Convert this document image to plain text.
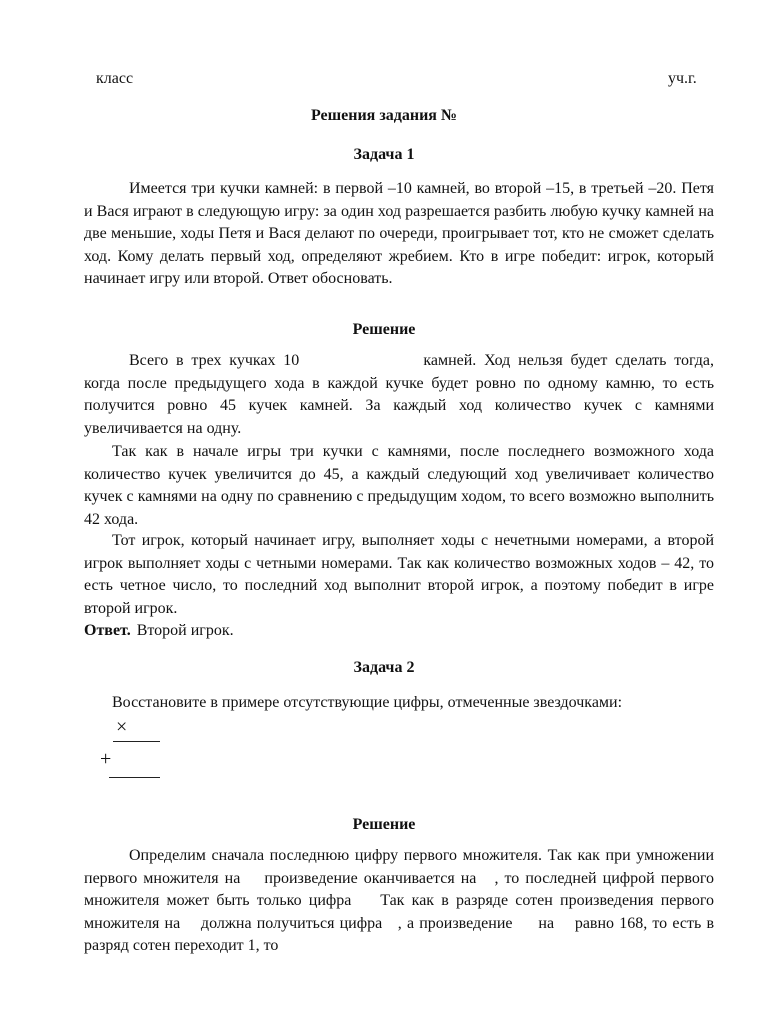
класс	уч.г.
Решения задания №
Задача 1
Имеется три кучки камней: в первой –10 камней, во второй –15, в третьей –20. Петя и Вася играют в следующую игру: за один ход разрешается разбить любую кучку камней на две меньшие, ходы Петя и Вася делают по очереди, проигрывает тот, кто не сможет сделать ход. Кому делать первый ход, определяют жребием. Кто в игре победит: игрок, который начинает игру или второй. Ответ обосновать.
Решение
Всего в трех кучках 10	камней. Ход нельзя будет сделать тогда, когда после предыдущего хода в каждой кучке будет ровно по одному камню, то есть получится ровно 45 кучек камней. За каждый ход количество кучек с камнями увеличивается на одну.
Так как в начале игры три кучки с камнями, после последнего возможного хода количество кучек увеличится до 45, а каждый следующий ход увеличивает количество кучек с камнями на одну по сравнению с предыдущим ходом, то всего возможно выполнить 42 хода.
Тот игрок, который начинает игру, выполняет ходы с нечетными номерами, а второй игрок выполняет ходы с четными номерами. Так как количество возможных ходов – 42, то есть четное число, то последний ход выполнит второй игрок, а поэтому победит в игре второй игрок.
Ответ. Второй игрок.
Задача 2
Восстановите в примере отсутствующие цифры, отмеченные звездочками:
×
+
Решение
Определим сначала последнюю цифру первого множителя. Так как при умножении первого множителя на    произведение оканчивается на   , то последней цифрой первого множителя может быть только цифра    Так как в разряде сотен произведения первого множителя на    должна получиться цифра   , а произведение     на    равно 168, то есть в разряд сотен переходит 1, то
